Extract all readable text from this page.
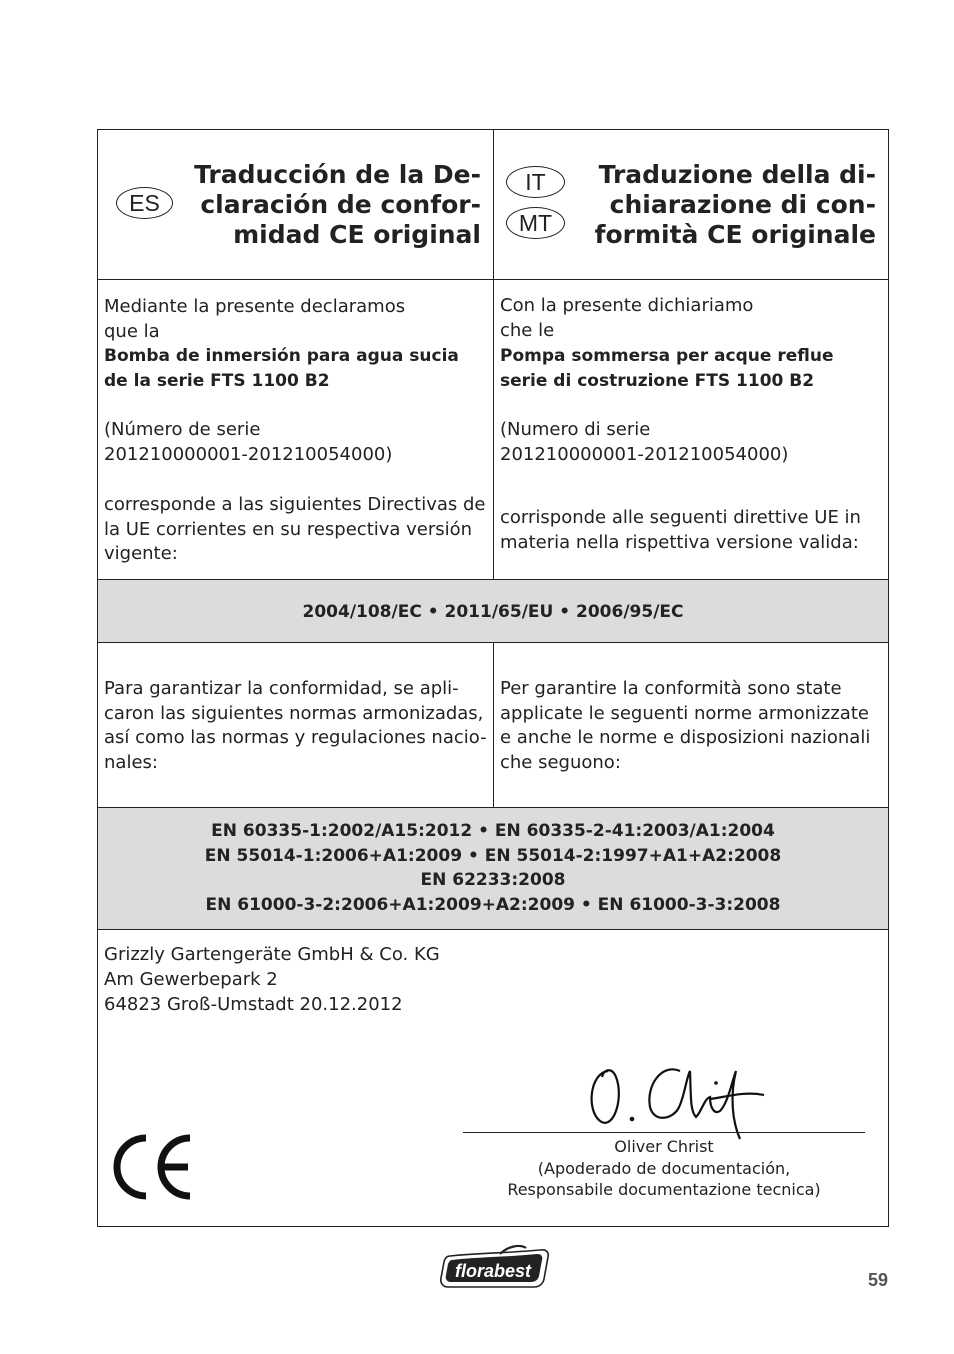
ES
Traducción de la De-
claración de confor-
midad CE original
IT
MT
Traduzione della di-
chiarazione di con-
formità CE originale
Mediante la presente declaramos
que la
Bomba de inmersión para agua sucia
de la serie FTS 1100 B2
(Número de serie
201210000001-201210054000)
corresponde a las siguientes Directivas de
la UE corrientes en su respectiva versión
vigente:
Con la presente dichiariamo
che le
Pompa sommersa per acque reflue
serie di costruzione FTS 1100 B2
(Numero di serie
201210000001-201210054000)
corrisponde alle seguenti direttive UE in
materia nella rispettiva versione valida:
2004/108/EC • 2011/65/EU • 2006/95/EC
Para garantizar la conformidad, se apli-
caron las siguientes normas armonizadas,
así como las normas y regulaciones nacio-
nales:
Per garantire la conformità sono state
applicate le seguenti norme armonizzate
e anche le norme e disposizioni nazionali
che seguono:
EN 60335-1:2002/A15:2012 • EN 60335-2-41:2003/A1:2004
EN 55014-1:2006+A1:2009 • EN 55014-2:1997+A1+A2:2008
EN 62233:2008
EN 61000-3-2:2006+A1:2009+A2:2009 • EN 61000-3-3:2008
Grizzly Gartengeräte GmbH & Co. KG
Am Gewerbepark 2
64823 Groß-Umstadt 20.12.2012
Oliver Christ
(Apoderado de documentación,
Responsabile documentazione tecnica)
florabest	59
